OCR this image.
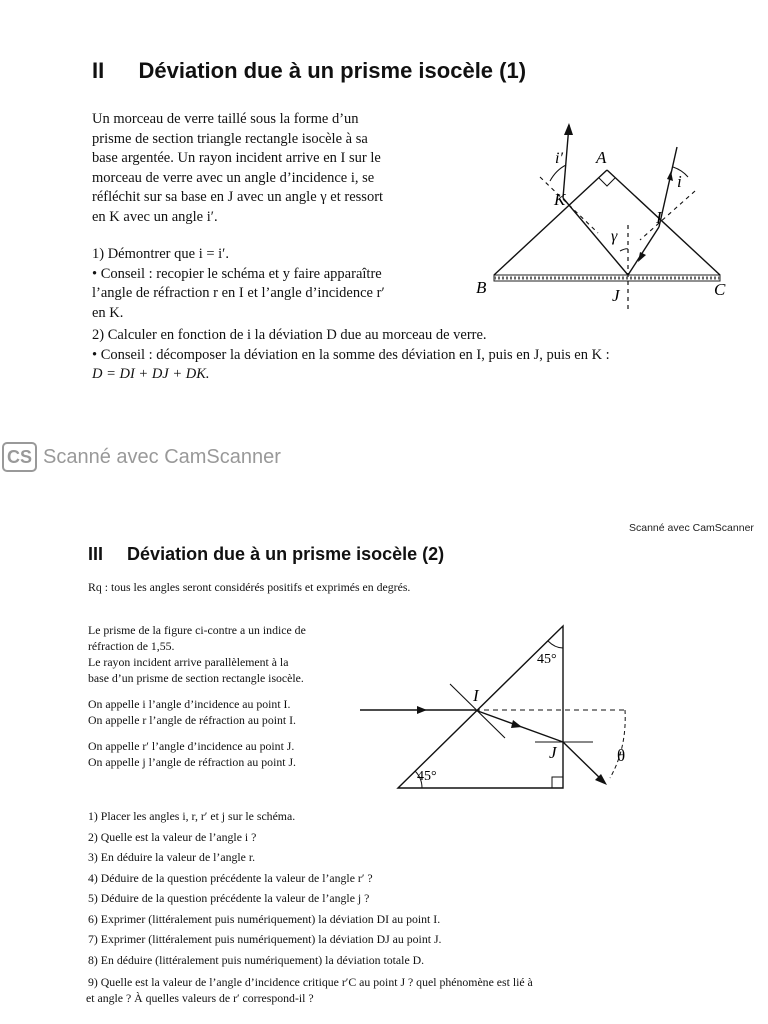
II Déviation due à un prisme isocèle (1)
Un morceau de verre taillé sous la forme d’un
prisme de section triangle rectangle isocèle à sa
base argentée. Un rayon incident arrive en I sur le
morceau de verre avec un angle d’incidence i, se
réfléchit sur sa base en J avec un angle γ et ressort
en K avec un angle i′.
1) Démontrer que i = i′.
• Conseil : recopier le schéma et y faire apparaître
l’angle de réfraction r en I et l’angle d’incidence r′
en K.
2) Calculer en fonction de i la déviation D due au morceau de verre.
• Conseil : décomposer la déviation en la somme des déviation en I, puis en J, puis en K :
D = DI + DJ + DK.
A
B	C
I
J
K
i
i′
γ
CS Scanné avec CamScanner
Scanné avec CamScanner
III Déviation due à un prisme isocèle (2)
Rq : tous les angles seront considérés positifs et exprimés en degrés.
Le prisme de la figure ci-contre a un indice de
réfraction de 1,55.
Le rayon incident arrive parallèlement à la
base d’un prisme de section rectangle isocèle.
On appelle i l’angle d’incidence au point I.
On appelle r l’angle de réfraction au point I.
On appelle r′ l’angle d’incidence au point J.
On appelle j l’angle de réfraction au point J.
45°
45°
I
J	θ
1) Placer les angles i, r, r′ et j sur le schéma.
2) Quelle est la valeur de l’angle i ?
3) En déduire la valeur de l’angle r.
4) Déduire de la question précédente la valeur de l’angle r′ ?
5) Déduire de la question précédente la valeur de l’angle j ?
6) Exprimer (littéralement puis numériquement) la déviation DI au point I.
7) Exprimer (littéralement puis numériquement) la déviation DJ au point J.
8) En déduire (littéralement puis numériquement) la déviation totale D.
9) Quelle est la valeur de l’angle d’incidence critique r′C au point J ? quel phénomène est lié à
et angle ? À quelles valeurs de r′ correspond-il ?
